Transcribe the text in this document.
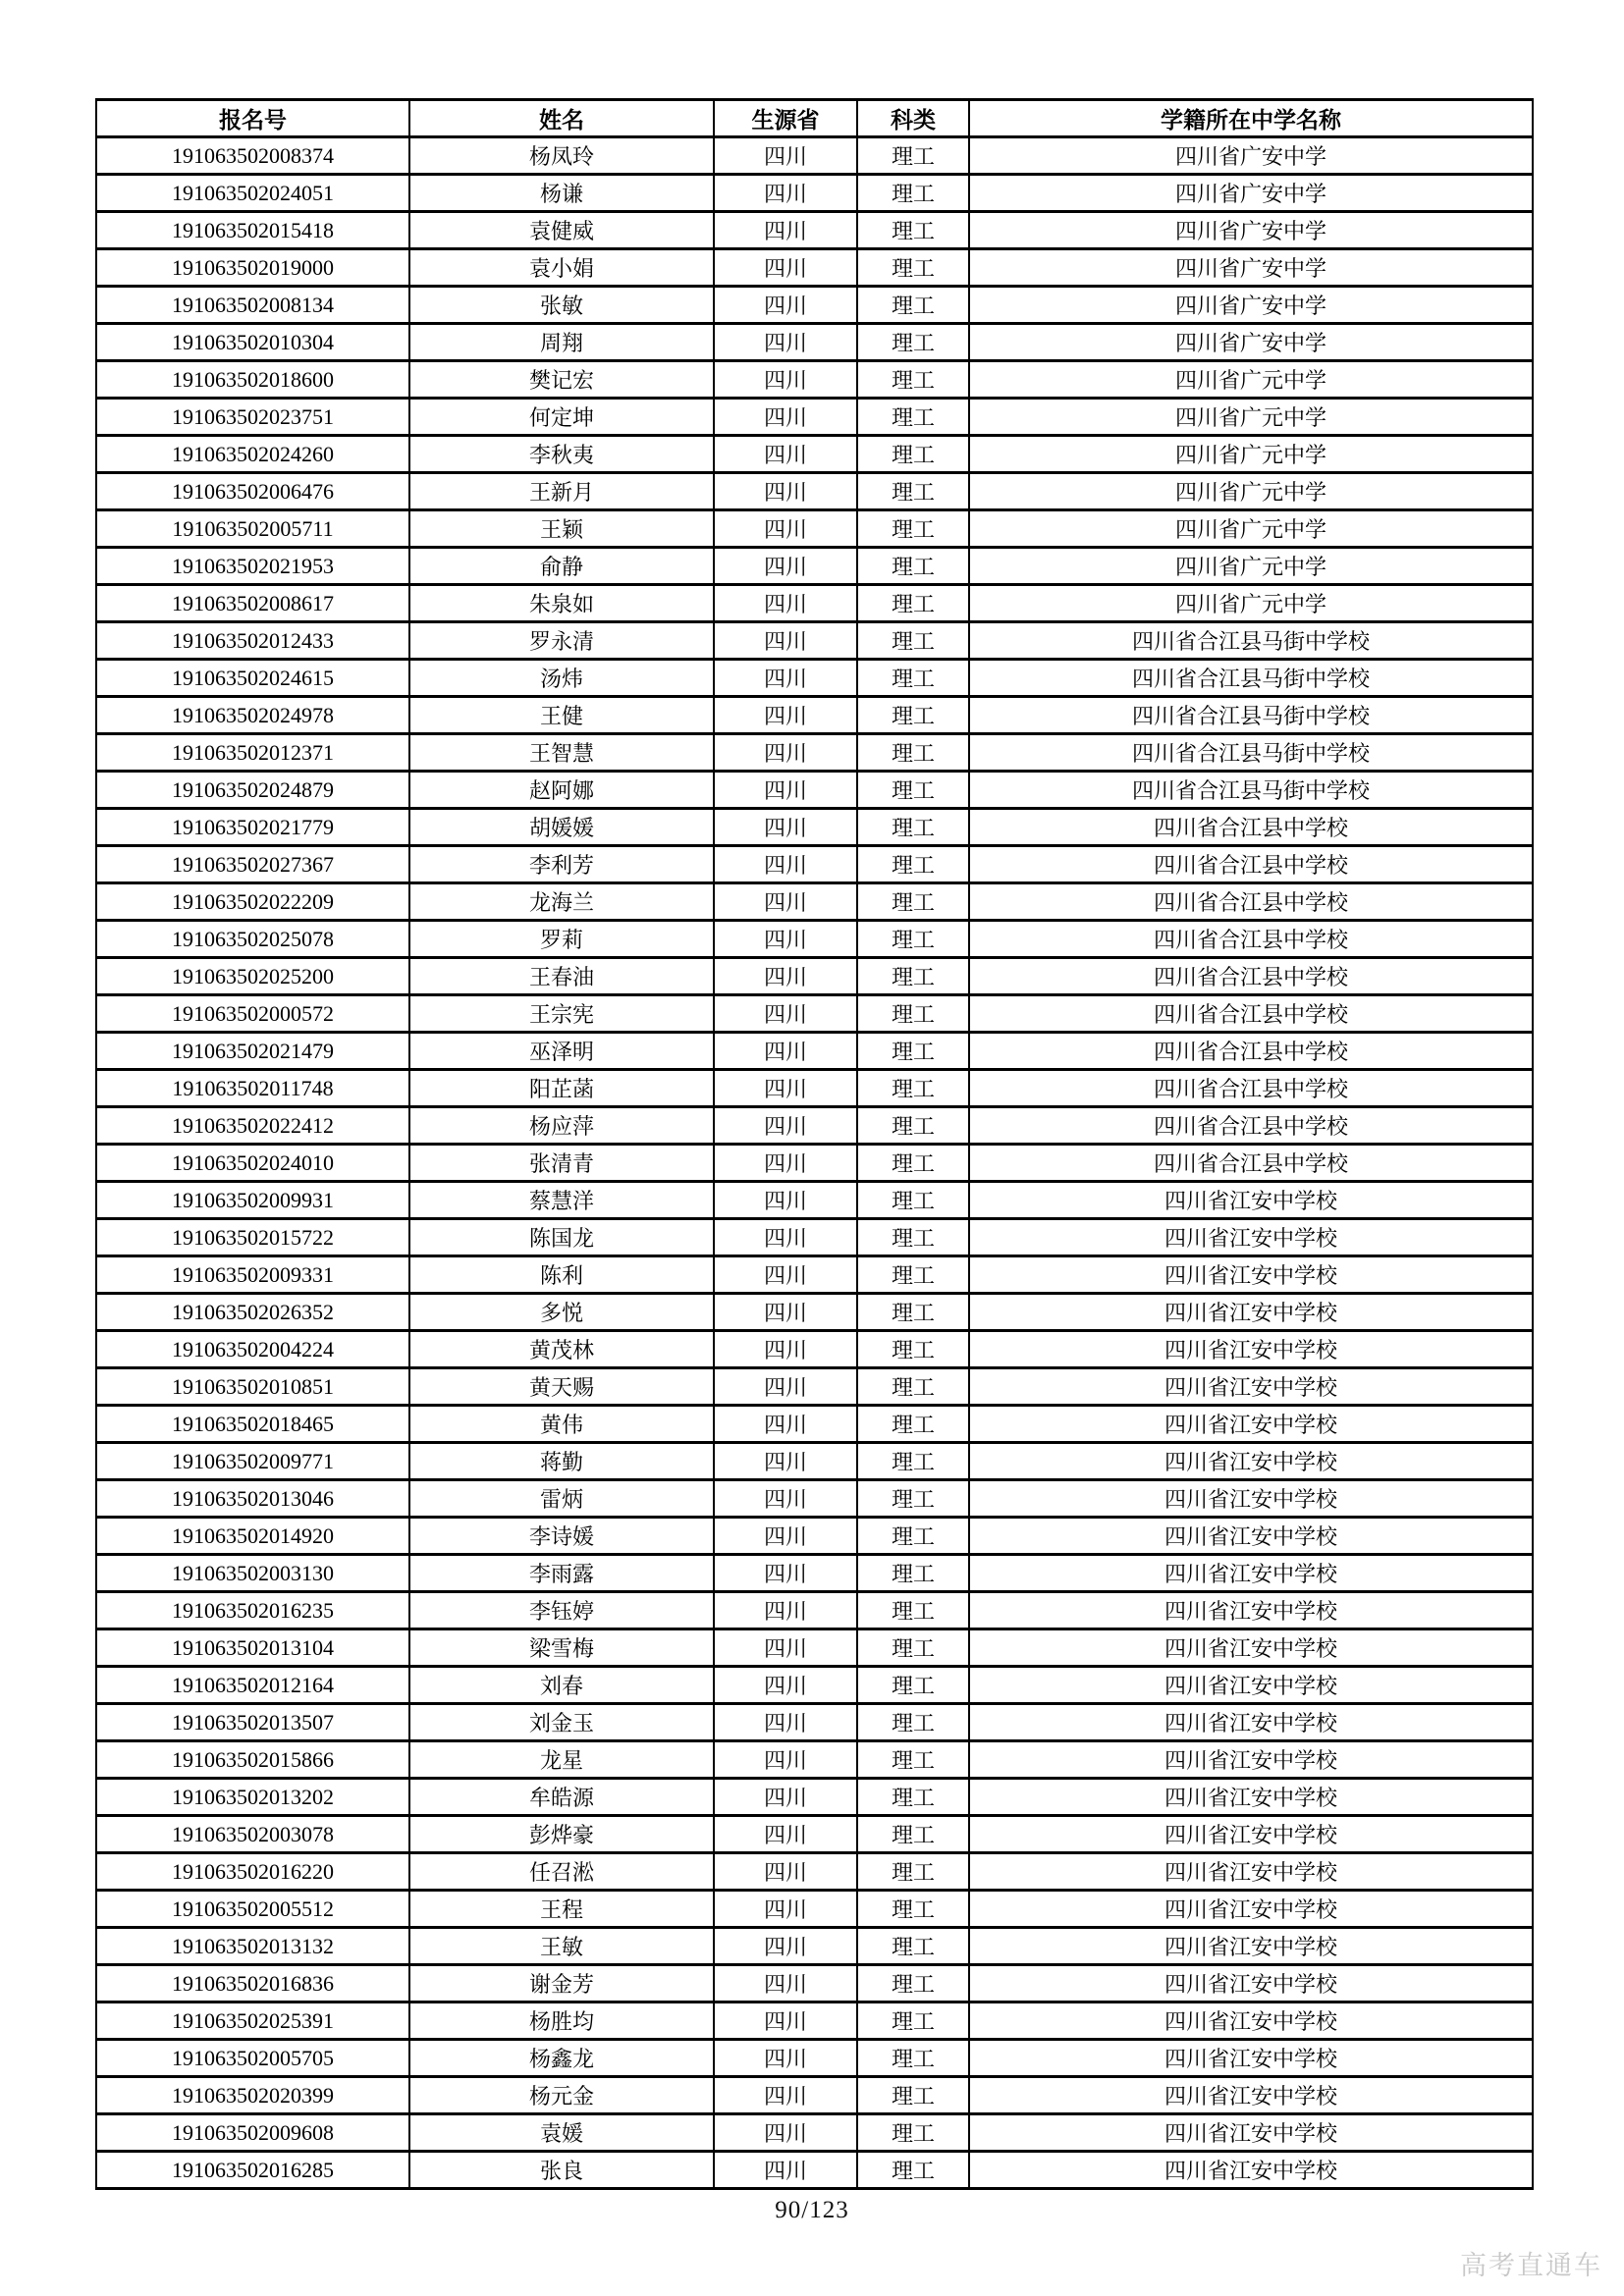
报名号	姓名	生源省	科类	学籍所在中学名称
191063502008374	杨凤玲	四川	理工	四川省广安中学
191063502024051	杨谦	四川	理工	四川省广安中学
191063502015418	袁健威	四川	理工	四川省广安中学
191063502019000	袁小娟	四川	理工	四川省广安中学
191063502008134	张敏	四川	理工	四川省广安中学
191063502010304	周翔	四川	理工	四川省广安中学
191063502018600	樊记宏	四川	理工	四川省广元中学
191063502023751	何定坤	四川	理工	四川省广元中学
191063502024260	李秋夷	四川	理工	四川省广元中学
191063502006476	王新月	四川	理工	四川省广元中学
191063502005711	王颖	四川	理工	四川省广元中学
191063502021953	俞静	四川	理工	四川省广元中学
191063502008617	朱泉如	四川	理工	四川省广元中学
191063502012433	罗永清	四川	理工	四川省合江县马街中学校
191063502024615	汤炜	四川	理工	四川省合江县马街中学校
191063502024978	王健	四川	理工	四川省合江县马街中学校
191063502012371	王智慧	四川	理工	四川省合江县马街中学校
191063502024879	赵阿娜	四川	理工	四川省合江县马街中学校
191063502021779	胡媛媛	四川	理工	四川省合江县中学校
191063502027367	李利芳	四川	理工	四川省合江县中学校
191063502022209	龙海兰	四川	理工	四川省合江县中学校
191063502025078	罗莉	四川	理工	四川省合江县中学校
191063502025200	王春油	四川	理工	四川省合江县中学校
191063502000572	王宗宪	四川	理工	四川省合江县中学校
191063502021479	巫泽明	四川	理工	四川省合江县中学校
191063502011748	阳芷菡	四川	理工	四川省合江县中学校
191063502022412	杨应萍	四川	理工	四川省合江县中学校
191063502024010	张清青	四川	理工	四川省合江县中学校
191063502009931	蔡慧洋	四川	理工	四川省江安中学校
191063502015722	陈国龙	四川	理工	四川省江安中学校
191063502009331	陈利	四川	理工	四川省江安中学校
191063502026352	多悦	四川	理工	四川省江安中学校
191063502004224	黄茂林	四川	理工	四川省江安中学校
191063502010851	黄天赐	四川	理工	四川省江安中学校
191063502018465	黄伟	四川	理工	四川省江安中学校
191063502009771	蒋勤	四川	理工	四川省江安中学校
191063502013046	雷炳	四川	理工	四川省江安中学校
191063502014920	李诗媛	四川	理工	四川省江安中学校
191063502003130	李雨露	四川	理工	四川省江安中学校
191063502016235	李钰婷	四川	理工	四川省江安中学校
191063502013104	梁雪梅	四川	理工	四川省江安中学校
191063502012164	刘春	四川	理工	四川省江安中学校
191063502013507	刘金玉	四川	理工	四川省江安中学校
191063502015866	龙星	四川	理工	四川省江安中学校
191063502013202	牟皓源	四川	理工	四川省江安中学校
191063502003078	彭烨豪	四川	理工	四川省江安中学校
191063502016220	任召淞	四川	理工	四川省江安中学校
191063502005512	王程	四川	理工	四川省江安中学校
191063502013132	王敏	四川	理工	四川省江安中学校
191063502016836	谢金芳	四川	理工	四川省江安中学校
191063502025391	杨胜均	四川	理工	四川省江安中学校
191063502005705	杨鑫龙	四川	理工	四川省江安中学校
191063502020399	杨元金	四川	理工	四川省江安中学校
191063502009608	袁媛	四川	理工	四川省江安中学校
191063502016285	张良	四川	理工	四川省江安中学校
90/123
高考直通车
